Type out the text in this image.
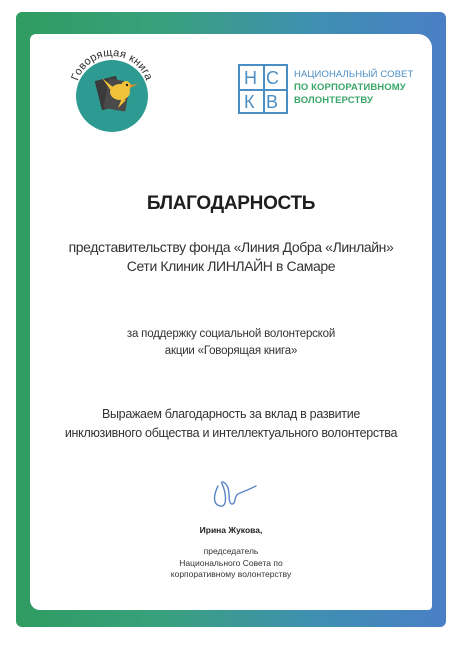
Говорящая книга	Н С
К В
НАЦИОНАЛЬНЫЙ СОВЕТ
ПО КОРПОРАТИВНОМУ
ВОЛОНТЕРСТВУ
БЛАГОДАРНОСТЬ
представительству фонда «Линия Добра «Линлайн»
Сети Клиник ЛИНЛАЙН в Самаре
за поддержку социальной волонтерской
акции «Говорящая книга»
Выражаем благодарность за вклад в развитие
инклюзивного общества и интеллектуального волонтерства
Ирина Жукова,
председатель
Национального Совета по
корпоративному волонтерству
